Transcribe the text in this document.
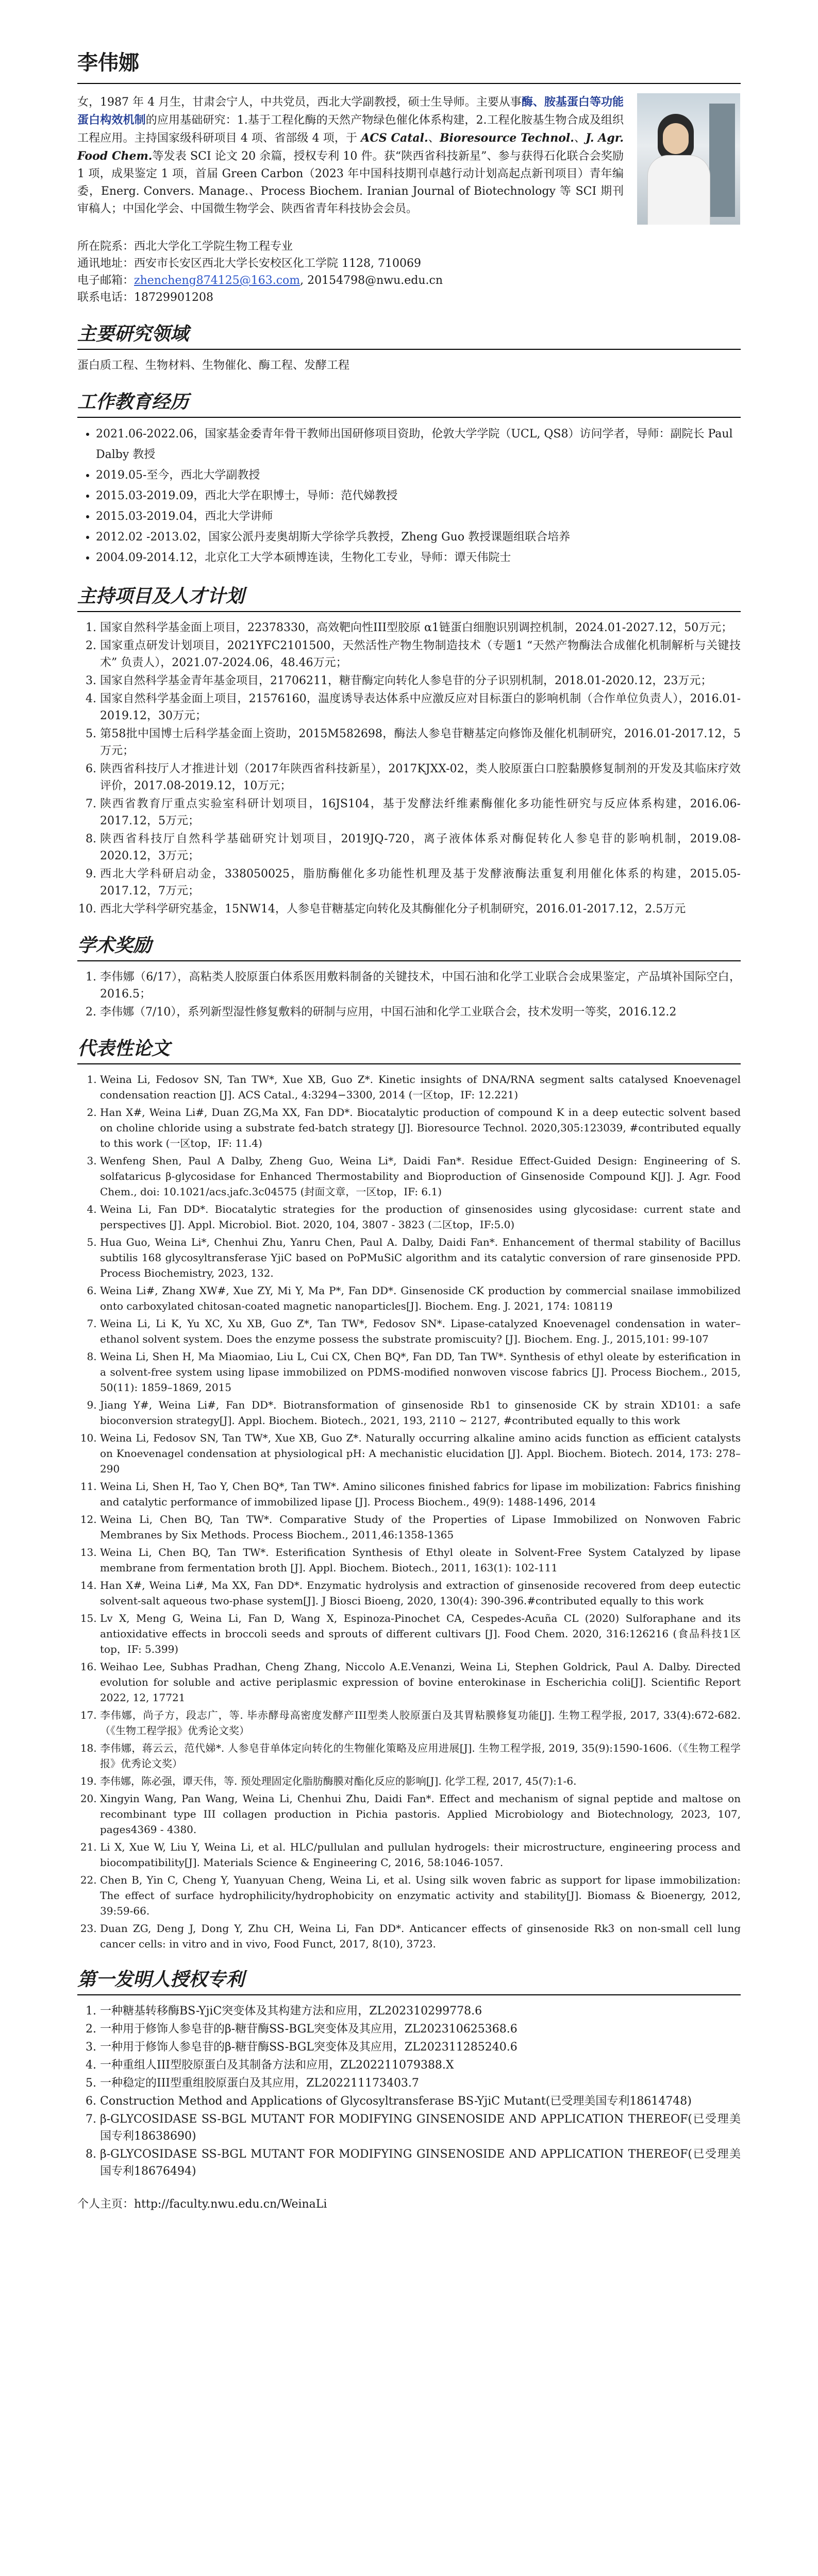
李伟娜
女，1987 年 4 月生，甘肃会宁人，中共党员，西北大学副教授，硕士生导师。主要从事酶、胺基蛋白等功能蛋白构效机制的应用基础研究：1.基于工程化酶的天然产物绿色催化体系构建，2.工程化胺基生物合成及组织工程应用。主持国家级科研项目 4 项、省部级 4 项，于 ACS Catal.、Bioresource Technol.、J. Agr. Food Chem.等发表 SCI 论文 20 余篇，授权专利 10 件。获“陕西省科技新星”、参与获得石化联合会奖励 1 项，成果鉴定 1 项，首届 Green Carbon（2023 年中国科技期刊卓越行动计划高起点新刊项目）青年编委，Energ. Convers. Manage.、Process Biochem. Iranian Journal of Biotechnology 等 SCI 期刊审稿人；中国化学会、中国微生物学会、陕西省青年科技协会会员。
所在院系：西北大学化工学院生物工程专业
通讯地址：西安市长安区西北大学长安校区化工学院 1128, 710069
电子邮箱：zhencheng874125@163.com, 20154798@nwu.edu.cn
联系电话：18729901208
主要研究领域
蛋白质工程、生物材料、生物催化、酶工程、发酵工程
工作教育经历
• 2021.06-2022.06，国家基金委青年骨干教师出国研修项目资助，伦敦大学学院（UCL, QS8）访问学者，导师：副院长 Paul Dalby 教授
• 2019.05-至今，西北大学副教授
• 2015.03-2019.09，西北大学在职博士，导师：范代娣教授
• 2015.03-2019.04，西北大学讲师
• 2012.02 -2013.02，国家公派丹麦奥胡斯大学徐学兵教授，Zheng Guo 教授课题组联合培养
• 2004.09-2014.12，北京化工大学本硕博连读，生物化工专业，导师：谭天伟院士
主持项目及人才计划
1. 国家自然科学基金面上项目，22378330，高效靶向性III型胶原 α1链蛋白细胞识别调控机制，2024.01-2027.12，50万元；
2. 国家重点研发计划项目，2021YFC2101500，天然活性产物生物制造技术（专题1 “天然产物酶法合成催化机制解析与关键技术” 负责人），2021.07-2024.06，48.46万元；
3. 国家自然科学基金青年基金项目，21706211，糖苷酶定向转化人参皂苷的分子识别机制，2018.01-2020.12，23万元；
4. 国家自然科学基金面上项目，21576160，温度诱导表达体系中应激反应对目标蛋白的影响机制（合作单位负责人），2016.01-2019.12，30万元；
5. 第58批中国博士后科学基金面上资助，2015M582698，酶法人参皂苷糖基定向修饰及催化机制研究，2016.01-2017.12，5万元；
6. 陕西省科技厅人才推进计划（2017年陕西省科技新星），2017KJXX-02，类人胶原蛋白口腔黏膜修复制剂的开发及其临床疗效评价，2017.08-2019.12，10万元；
7. 陕西省教育厅重点实验室科研计划项目，16JS104，基于发酵法纤维素酶催化多功能性研究与反应体系构建，2016.06-2017.12，5万元；
8. 陕西省科技厅自然科学基础研究计划项目，2019JQ-720，离子液体体系对酶促转化人参皂苷的影响机制，2019.08-2020.12，3万元；
9. 西北大学科研启动金，338050025，脂肪酶催化多功能性机理及基于发酵液酶法重复利用催化体系的构建，2015.05-2017.12，7万元；
10. 西北大学科学研究基金，15NW14，人参皂苷糖基定向转化及其酶催化分子机制研究，2016.01-2017.12，2.5万元
学术奖励
1. 李伟娜（6/17），高粘类人胶原蛋白体系医用敷料制备的关键技术，中国石油和化学工业联合会成果鉴定，产品填补国际空白，2016.5；
2. 李伟娜（7/10），系列新型湿性修复敷料的研制与应用，中国石油和化学工业联合会，技术发明一等奖，2016.12.2
代表性论文
1. Weina Li, Fedosov SN, Tan TW*, Xue XB, Guo Z*. Kinetic insights of DNA/RNA segment salts catalysed Knoevenagel condensation reaction [J]. ACS Catal., 4:3294−3300, 2014 (一区top，IF: 12.221)
2. Han X#, Weina Li#, Duan ZG,Ma XX, Fan DD*. Biocatalytic production of compound K in a deep eutectic solvent based on choline chloride using a substrate fed-batch strategy [J]. Bioresource Technol. 2020,305:123039, #contributed equally to this work (一区top，IF: 11.4)
3. Wenfeng Shen, Paul A Dalby, Zheng Guo, Weina Li*, Daidi Fan*. Residue Effect-Guided Design: Engineering of S. solfataricus β-glycosidase for Enhanced Thermostability and Bioproduction of Ginsenoside Compound K[J]. J. Agr. Food Chem., doi: 10.1021/acs.jafc.3c04575 (封面文章，一区top，IF: 6.1)
4. Weina Li, Fan DD*. Biocatalytic strategies for the production of ginsenosides using glycosidase: current state and perspectives [J]. Appl. Microbiol. Biot. 2020, 104, 3807 - 3823 (二区top，IF:5.0)
5. Hua Guo, Weina Li*, Chenhui Zhu, Yanru Chen, Paul A. Dalby, Daidi Fan*. Enhancement of thermal stability of Bacillus subtilis 168 glycosyltransferase YjiC based on PoPMuSiC algorithm and its catalytic conversion of rare ginsenoside PPD. Process Biochemistry, 2023, 132.
6. Weina Li#, Zhang XW#, Xue ZY, Mi Y, Ma P*, Fan DD*. Ginsenoside CK production by commercial snailase immobilized onto carboxylated chitosan-coated magnetic nanoparticles[J]. Biochem. Eng. J. 2021, 174: 108119
7. Weina Li, Li K, Yu XC, Xu XB, Guo Z*, Tan TW*, Fedosov SN*. Lipase-catalyzed Knoevenagel condensation in water–ethanol solvent system. Does the enzyme possess the substrate promiscuity? [J]. Biochem. Eng. J., 2015,101: 99-107
8. Weina Li, Shen H, Ma Miaomiao, Liu L, Cui CX, Chen BQ*, Fan DD, Tan TW*. Synthesis of ethyl oleate by esterification in a solvent-free system using lipase immobilized on PDMS-modified nonwoven viscose fabrics [J]. Process Biochem., 2015, 50(11): 1859–1869, 2015
9. Jiang Y#, Weina Li#, Fan DD*. Biotransformation of ginsenoside Rb1 to ginsenoside CK by strain XD101: a safe bioconversion strategy[J]. Appl. Biochem. Biotech., 2021, 193, 2110 ~ 2127, #contributed equally to this work
10. Weina Li, Fedosov SN, Tan TW*, Xue XB, Guo Z*. Naturally occurring alkaline amino acids function as efficient catalysts on Knoevenagel condensation at physiological pH: A mechanistic elucidation [J]. Appl. Biochem. Biotech. 2014, 173: 278–290
11. Weina Li, Shen H, Tao Y, Chen BQ*, Tan TW*. Amino silicones finished fabrics for lipase im mobilization: Fabrics finishing and catalytic performance of immobilized lipase [J]. Process Biochem., 49(9): 1488-1496, 2014
12. Weina Li, Chen BQ, Tan TW*. Comparative Study of the Properties of Lipase Immobilized on Nonwoven Fabric Membranes by Six Methods. Process Biochem., 2011,46:1358-1365
13. Weina Li, Chen BQ, Tan TW*. Esterification Synthesis of Ethyl oleate in Solvent-Free System Catalyzed by lipase membrane from fermentation broth [J]. Appl. Biochem. Biotech., 2011, 163(1): 102-111
14. Han X#, Weina Li#, Ma XX, Fan DD*. Enzymatic hydrolysis and extraction of ginsenoside recovered from deep eutectic solvent-salt aqueous two-phase system[J]. J Biosci Bioeng, 2020, 130(4): 390-396.#contributed equally to this work
15. Lv X, Meng G, Weina Li, Fan D, Wang X, Espinoza-Pinochet CA, Cespedes-Acuña CL (2020) Sulforaphane and its antioxidative effects in broccoli seeds and sprouts of different cultivars [J]. Food Chem. 2020, 316:126216 (食品科技1区top，IF: 5.399)
16. Weihao Lee, Subhas Pradhan, Cheng Zhang, Niccolo A.E.Venanzi, Weina Li, Stephen Goldrick, Paul A. Dalby. Directed evolution for soluble and active periplasmic expression of bovine enterokinase in Escherichia coli[J]. Scientific Report 2022, 12, 17721
17. 李伟娜，尚子方，段志广，等. 毕赤酵母高密度发酵产III型类人胶原蛋白及其胃粘膜修复功能[J]. 生物工程学报, 2017, 33(4):672-682.（《生物工程学报》优秀论文奖）
18. 李伟娜，蒋云云，范代娣*. 人参皂苷单体定向转化的生物催化策略及应用进展[J]. 生物工程学报, 2019, 35(9):1590-1606.（《生物工程学报》优秀论文奖）
19. 李伟娜，陈必强，谭天伟，等. 预处理固定化脂肪酶膜对酯化反应的影响[J]. 化学工程, 2017, 45(7):1-6.
20. Xingyin Wang, Pan Wang, Weina Li, Chenhui Zhu, Daidi Fan*. Effect and mechanism of signal peptide and maltose on recombinant type III collagen production in Pichia pastoris. Applied Microbiology and Biotechnology, 2023, 107, pages4369 - 4380.
21. Li X, Xue W, Liu Y, Weina Li, et al. HLC/pullulan and pullulan hydrogels: their microstructure, engineering process and biocompatibility[J]. Materials Science & Engineering C, 2016, 58:1046-1057.
22. Chen B, Yin C, Cheng Y, Yuanyuan Cheng, Weina Li, et al. Using silk woven fabric as support for lipase immobilization: The effect of surface hydrophilicity/hydrophobicity on enzymatic activity and stability[J]. Biomass & Bioenergy, 2012, 39:59-66.
23. Duan ZG, Deng J, Dong Y, Zhu CH, Weina Li, Fan DD*. Anticancer effects of ginsenoside Rk3 on non-small cell lung cancer cells: in vitro and in vivo, Food Funct, 2017, 8(10), 3723.
第一发明人授权专利
1. 一种糖基转移酶BS-YjiC突变体及其构建方法和应用，ZL202310299778.6
2. 一种用于修饰人参皂苷的β-糖苷酶SS-BGL突变体及其应用，ZL202310625368.6
3. 一种用于修饰人参皂苷的β-糖苷酶SS-BGL突变体及其应用，ZL202311285240.6
4. 一种重组人III型胶原蛋白及其制备方法和应用，ZL202211079388.X
5. 一种稳定的III型重组胶原蛋白及其应用，ZL202211173403.7
6. Construction Method and Applications of Glycosyltransferase BS-YjiC Mutant(已受理美国专利18614748)
7. β-GLYCOSIDASE SS-BGL MUTANT FOR MODIFYING GINSENOSIDE AND APPLICATION THEREOF(已受理美国专利18638690)
8. β-GLYCOSIDASE SS-BGL MUTANT FOR MODIFYING GINSENOSIDE AND APPLICATION THEREOF(已受理美国专利18676494)
个人主页：http://faculty.nwu.edu.cn/WeinaLi
